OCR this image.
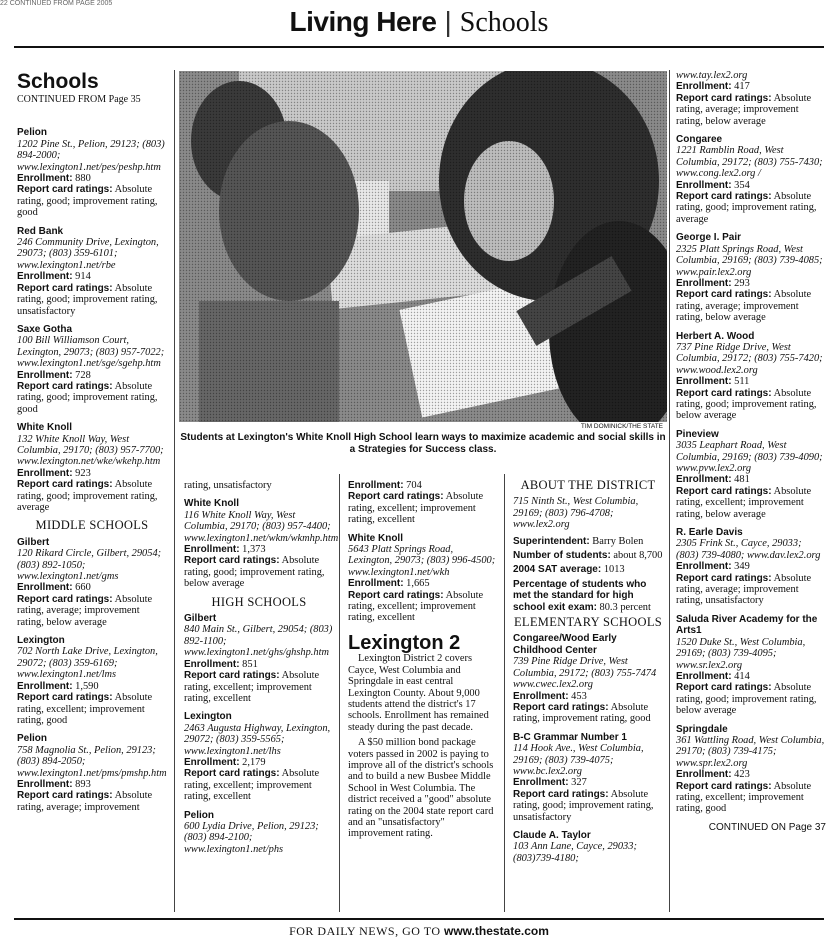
22 CONTINUED FROM PAGE 2005
Living Here | Schools
Schools
CONTINUED FROM Page 35
Pelion
1202 Pine St., Pelion, 29123; (803) 894-2000; www.lexington1.net/pes/peshp.htm
Enrollment: 880
Report card ratings: Absolute rating, good; improvement rating, good
Red Bank
246 Community Drive, Lexington, 29073; (803) 359-6101; www.lexington1.net/rbe
Enrollment: 914
Report card ratings: Absolute rating, good; improvement rating, unsatisfactory
Saxe Gotha
100 Bill Williamson Court, Lexington, 29073; (803) 957-7022; www.lexington1.net/sge/sgehp.htm
Enrollment: 728
Report card ratings: Absolute rating, good; improvement rating, good
White Knoll
132 White Knoll Way, West Columbia, 29170; (803) 957-7700; www.lexington.net/wke/wkehp.htm
Enrollment: 923
Report card ratings: Absolute rating, good; improvement rating, average
MIDDLE SCHOOLS
Gilbert
120 Rikard Circle, Gilbert, 29054; (803) 892-1050; www.lexington1.net/gms
Enrollment: 660
Report card ratings: Absolute rating, average; improvement rating, below average
Lexington
702 North Lake Drive, Lexington, 29072; (803) 359-6169; www.lexington1.net/lms
Enrollment: 1,590
Report card ratings: Absolute rating, excellent; improvement rating, good
Pelion
758 Magnolia St., Pelion, 29123; (803) 894-2050; www.lexington1.net/pms/pmshp.htm
Enrollment: 893
Report card ratings: Absolute rating, average; improvement
TIM DOMINICK/THE STATE
Students at Lexington's White Knoll High School learn ways to maximize academic and social skills in a Strategies for Success class.
rating, unsatisfactory
White Knoll
116 White Knoll Way, West Columbia, 29170; (803) 957-4400; www.lexington1.net/wkm/wkmhp.htm
Enrollment: 1,373
Report card ratings: Absolute rating, good; improvement rating, below average
HIGH SCHOOLS
Gilbert
840 Main St., Gilbert, 29054; (803) 892-1100; www.lexington1.net/ghs/ghshp.htm
Enrollment: 851
Report card ratings: Absolute rating, excellent; improvement rating, excellent
Lexington
2463 Augusta Highway, Lexington, 29072; (803) 359-5565; www.lexington1.net/lhs
Enrollment: 2,179
Report card ratings: Absolute rating, excellent; improvement rating, excellent
Pelion
600 Lydia Drive, Pelion, 29123; (803) 894-2100; www.lexington1.net/phs
Enrollment: 704
Report card ratings: Absolute rating, excellent; improvement rating, excellent
White Knoll
5643 Platt Springs Road, Lexington, 29073; (803) 996-4500; www.lexington1.net/wkh
Enrollment: 1,665
Report card ratings: Absolute rating, excellent; improvement rating, excellent
Lexington 2
Lexington District 2 covers Cayce, West Columbia and Springdale in east central Lexington County. About 9,000 students attend the district's 17 schools. Enrollment has remained steady during the past decade.
A $50 million bond package voters passed in 2002 is paying to improve all of the district's schools and to build a new Busbee Middle School in West Columbia. The district received a "good" absolute rating on the 2004 state report card and an "unsatisfactory" improvement rating.
ABOUT THE DISTRICT
715 Ninth St., West Columbia, 29169; (803) 796-4708; www.lex2.org
Superintendent: Barry Bolen
Number of students: about 8,700
2004 SAT average: 1013
Percentage of students who met the standard for high school exit exam: 80.3 percent
ELEMENTARY SCHOOLS
Congaree/Wood Early Childhood Center
739 Pine Ridge Drive, West Columbia, 29172; (803) 755-7474 www.cwec.lex2.org
Enrollment: 453
Report card ratings: Absolute rating, improvement rating, good
B-C Grammar Number 1
114 Hook Ave., West Columbia, 29169; (803) 739-4075; www.bc.lex2.org
Enrollment: 327
Report card ratings: Absolute rating, good; improvement rating, unsatisfactory
Claude A. Taylor
103 Ann Lane, Cayce, 29033; (803)739-4180;
www.tay.lex2.org
Enrollment: 417
Report card ratings: Absolute rating, average; improvement rating, below average
Congaree
1221 Ramblin Road, West Columbia, 29172; (803) 755-7430; www.cong.lex2.org /
Enrollment: 354
Report card ratings: Absolute rating, good; improvement rating, average
George I. Pair
2325 Platt Springs Road, West Columbia, 29169; (803) 739-4085; www.pair.lex2.org
Enrollment: 293
Report card ratings: Absolute rating, average; improvement rating, below average
Herbert A. Wood
737 Pine Ridge Drive, West Columbia, 29172; (803) 755-7420; www.wood.lex2.org
Enrollment: 511
Report card ratings: Absolute rating, good; improvement rating, below average
Pineview
3035 Leaphart Road, West Columbia, 29169; (803) 739-4090; www.pvw.lex2.org
Enrollment: 481
Report card ratings: Absolute rating, excellent; improvement rating, below average
R. Earle Davis
2305 Frink St., Cayce, 29033; (803) 739-4080; www.dav.lex2.org
Enrollment: 349
Report card ratings: Absolute rating, average; improvement rating, unsatisfactory
Saluda River Academy for the Arts1
1520 Duke St., West Columbia, 29169; (803) 739-4095; www.sr.lex2.org
Enrollment: 414
Report card ratings: Absolute rating, good; improvement rating, below average
Springdale
361 Wattling Road, West Columbia, 29170; (803) 739-4175; www.spr.lex2.org
Enrollment: 423
Report card ratings: Absolute rating, excellent; improvement rating, good
CONTINUED ON Page 37
FOR DAILY NEWS, GO TO www.thestate.com
